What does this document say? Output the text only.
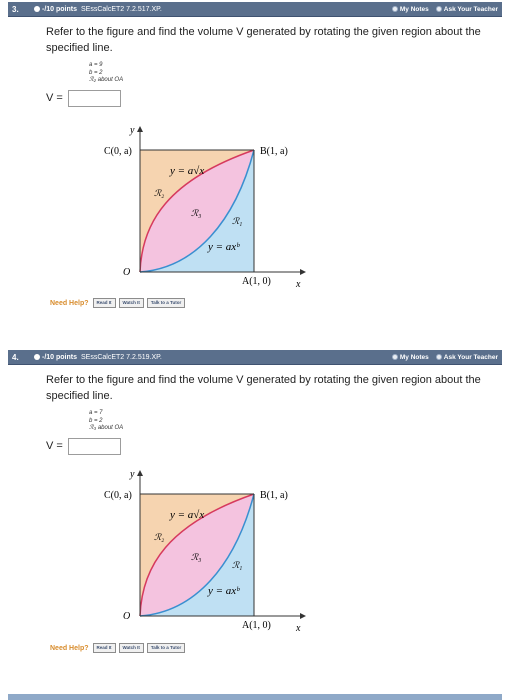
3.	-/10 points SEssCalcET2 7.2.517.XP.	My Notes	Ask Your Teacher
Refer to the figure and find the volume V generated by rotating the given region about the specified line.
a = 9
b = 2
ℛ₂ about OA
V =
y
x
C(0, a)	B(1, a)
A(1, 0)
O
y = a√x
y = axᵇ
ℛ₂
ℛ₃
ℛ₁
Need Help?	Read It	Watch It	Talk to a Tutor
4.	-/10 points SEssCalcET2 7.2.519.XP.	My Notes	Ask Your Teacher
Refer to the figure and find the volume V generated by rotating the given region about the specified line.
a = 7
b = 2
ℛ₃ about OA
V =
y
x
C(0, a)	B(1, a)
A(1, 0)
O
y = a√x
y = axᵇ
ℛ₂
ℛ₃
ℛ₁
Need Help?	Read It	Watch It	Talk to a Tutor
